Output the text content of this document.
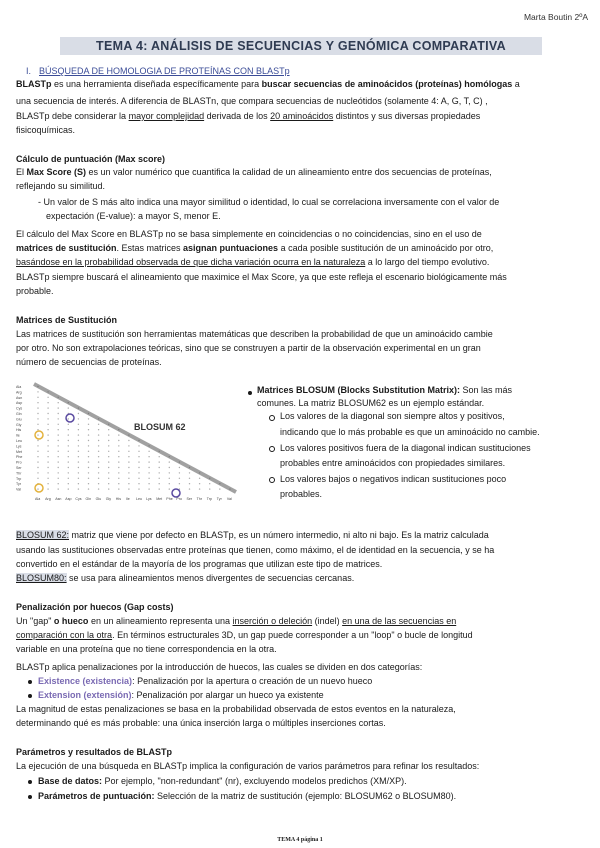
Marta Boutin 2ºA
TEMA 4: ANÁLISIS DE SECUENCIAS Y GENÓMICA COMPARATIVA
I. BÚSQUEDA DE HOMOLOGIA DE PROTEÍNAS CON BLASTp
BLASTp es una herramienta diseñada específicamente para buscar secuencias de aminoácidos (proteínas) homólogas a
una secuencia de interés. A diferencia de BLASTn, que compara secuencias de nucleótidos (solamente 4: A, G, T, C) ,
BLASTp debe considerar la mayor complejidad derivada de los 20 aminoácidos distintos y sus diversas propiedades
fisicoquímicas.
Cálculo de puntuación (Max score)
El Max Score (S) es un valor numérico que cuantifica la calidad de un alineamiento entre dos secuencias de proteínas,
reflejando su similitud.
- Un valor de S más alto indica una mayor similitud o identidad, lo cual se correlaciona inversamente con el valor de
expectación (E-value): a mayor S, menor E.
El cálculo del Max Score en BLASTp no se basa simplemente en coincidencias o no coincidencias, sino en el uso de
matrices de sustitución. Estas matrices asignan puntuaciones a cada posible sustitución de un aminoácido por otro,
basándose en la probabilidad observada de que dicha variación ocurra en la naturaleza a lo largo del tiempo evolutivo.
BLASTp siempre buscará el alineamiento que maximice el Max Score, ya que este refleja el escenario biológicamente más
probable.
Matrices de Sustitución
Las matrices de sustitución son herramientas matemáticas que describen la probabilidad de que un aminoácido cambie
por otro. No son extrapolaciones teóricas, sino que se construyen a partir de la observación experimental en un gran
número de secuencias de proteínas.
Ala
Arg
Asn
Asp
Cys
Gln
Glu
Gly
His
Ile
Leu
Lys
Met
Phe
Pro
Ser
Thr
Trp
Tyr
Val
Ala Arg Asn Asp Cys Gln Glu Gly His Ile Leu Lys Met Phe Pro Ser Thr Trp Tyr Val
BLOSUM 62
Matrices BLOSUM (Blocks Substitution Matrix): Son las más
comunes. La matriz BLOSUM62 es un ejemplo estándar.
Los valores de la diagonal son siempre altos y positivos,
indicando que lo más probable es que un aminoácido no cambie.
Los valores positivos fuera de la diagonal indican sustituciones
probables entre aminoácidos con propiedades similares.
Los valores bajos o negativos indican sustituciones poco
probables.
BLOSUM 62: matriz que viene por defecto en BLASTp, es un número intermedio, ni alto ni bajo. Es la matriz calculada
usando las sustituciones observadas entre proteínas que tienen, como máximo, el de identidad en la secuencia, y se ha
convertido en el estándar de la mayoría de los programas que utilizan este tipo de matrices.
BLOSUM80: se usa para alineamientos menos divergentes de secuencias cercanas.
Penalización por huecos (Gap costs)
Un "gap" o hueco en un alineamiento representa una inserción o deleción (indel) en una de las secuencias en
comparación con la otra. En términos estructurales 3D, un gap puede corresponder a un "loop" o bucle de longitud
variable en una proteína que no tiene correspondencia en la otra.
BLASTp aplica penalizaciones por la introducción de huecos, las cuales se dividen en dos categorías:
Existence (existencia): Penalización por la apertura o creación de un nuevo hueco
Extension (extensión): Penalización por alargar un hueco ya existente
La magnitud de estas penalizaciones se basa en la probabilidad observada de estos eventos en la naturaleza,
determinando qué es más probable: una única inserción larga o múltiples inserciones cortas.
Parámetros y resultados de BLASTp
La ejecución de una búsqueda en BLASTp implica la configuración de varios parámetros para refinar los resultados:
Base de datos: Por ejemplo, "non-redundant" (nr), excluyendo modelos predichos (XM/XP).
Parámetros de puntuación: Selección de la matriz de sustitución (ejemplo: BLOSUM62 o BLOSUM80).
TEMA 4 página 1
